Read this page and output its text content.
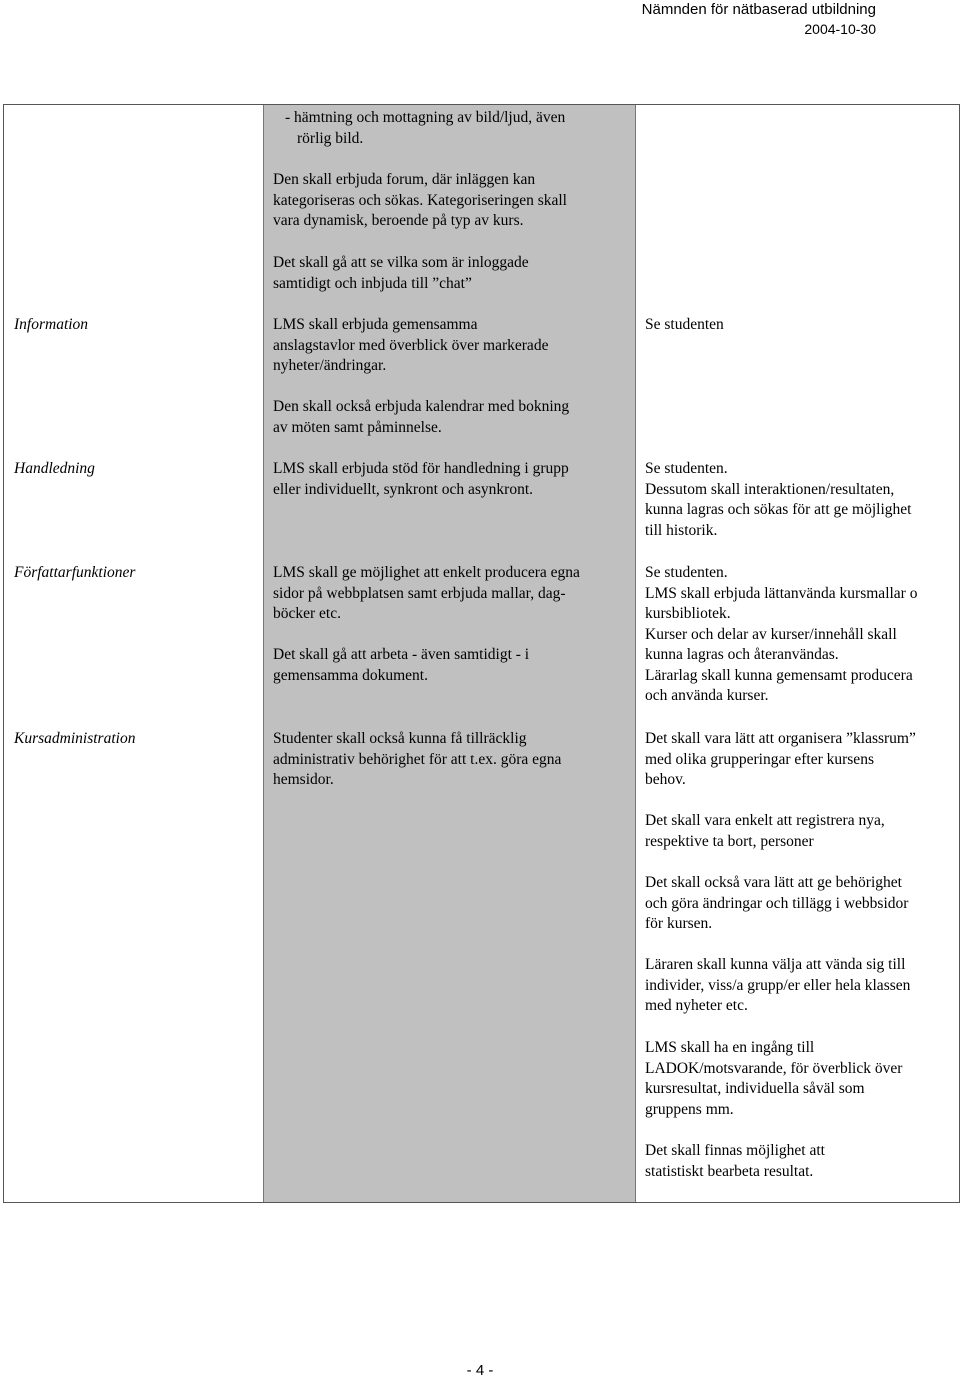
Nämnden för nätbaserad utbildning
2004-10-30
Information
Handledning
Författarfunktioner
Kursadministration
- hämtning och mottagning av bild/ljud, även
rörlig bild.
Den skall erbjuda forum, där inläggen kan
kategoriseras och sökas. Kategoriseringen skall
vara dynamisk, beroende på typ av kurs.
Det skall gå att se vilka som är inloggade
samtidigt och inbjuda till ”chat”
LMS skall erbjuda gemensamma
anslagstavlor med överblick över markerade
nyheter/ändringar.
Den skall också erbjuda kalendrar med bokning
av möten samt påminnelse.
LMS skall erbjuda stöd för handledning i grupp
eller individuellt, synkront och asynkront.
LMS skall ge möjlighet att enkelt producera egna
sidor på webbplatsen samt erbjuda mallar, dag-
böcker etc.
Det skall gå att arbeta - även samtidigt - i
gemensamma dokument.
Studenter skall också kunna få tillräcklig
administrativ behörighet för att t.ex. göra egna
hemsidor.
Se studenten
Se studenten.
Dessutom skall interaktionen/resultaten,
kunna lagras och sökas för att ge möjlighet
till historik.
Se studenten.
LMS skall erbjuda lättanvända kursmallar o
kursbibliotek.
Kurser och delar av kurser/innehåll skall
kunna lagras och återanvändas.
Lärarlag skall kunna gemensamt producera
och använda kurser.
Det skall vara lätt att organisera ”klassrum”
med olika grupperingar efter kursens
behov.
Det skall vara enkelt att registrera nya,
respektive ta bort, personer
Det skall också vara lätt att ge behörighet
och göra ändringar och tillägg i webbsidor
för kursen.
Läraren skall kunna välja att vända sig till
individer, viss/a grupp/er eller hela klassen
med nyheter etc.
LMS skall ha en ingång till
LADOK/motsvarande, för överblick över
kursresultat, individuella såväl som
gruppens mm.
Det skall finnas möjlighet att
statistiskt bearbeta resultat.
- 4 -
